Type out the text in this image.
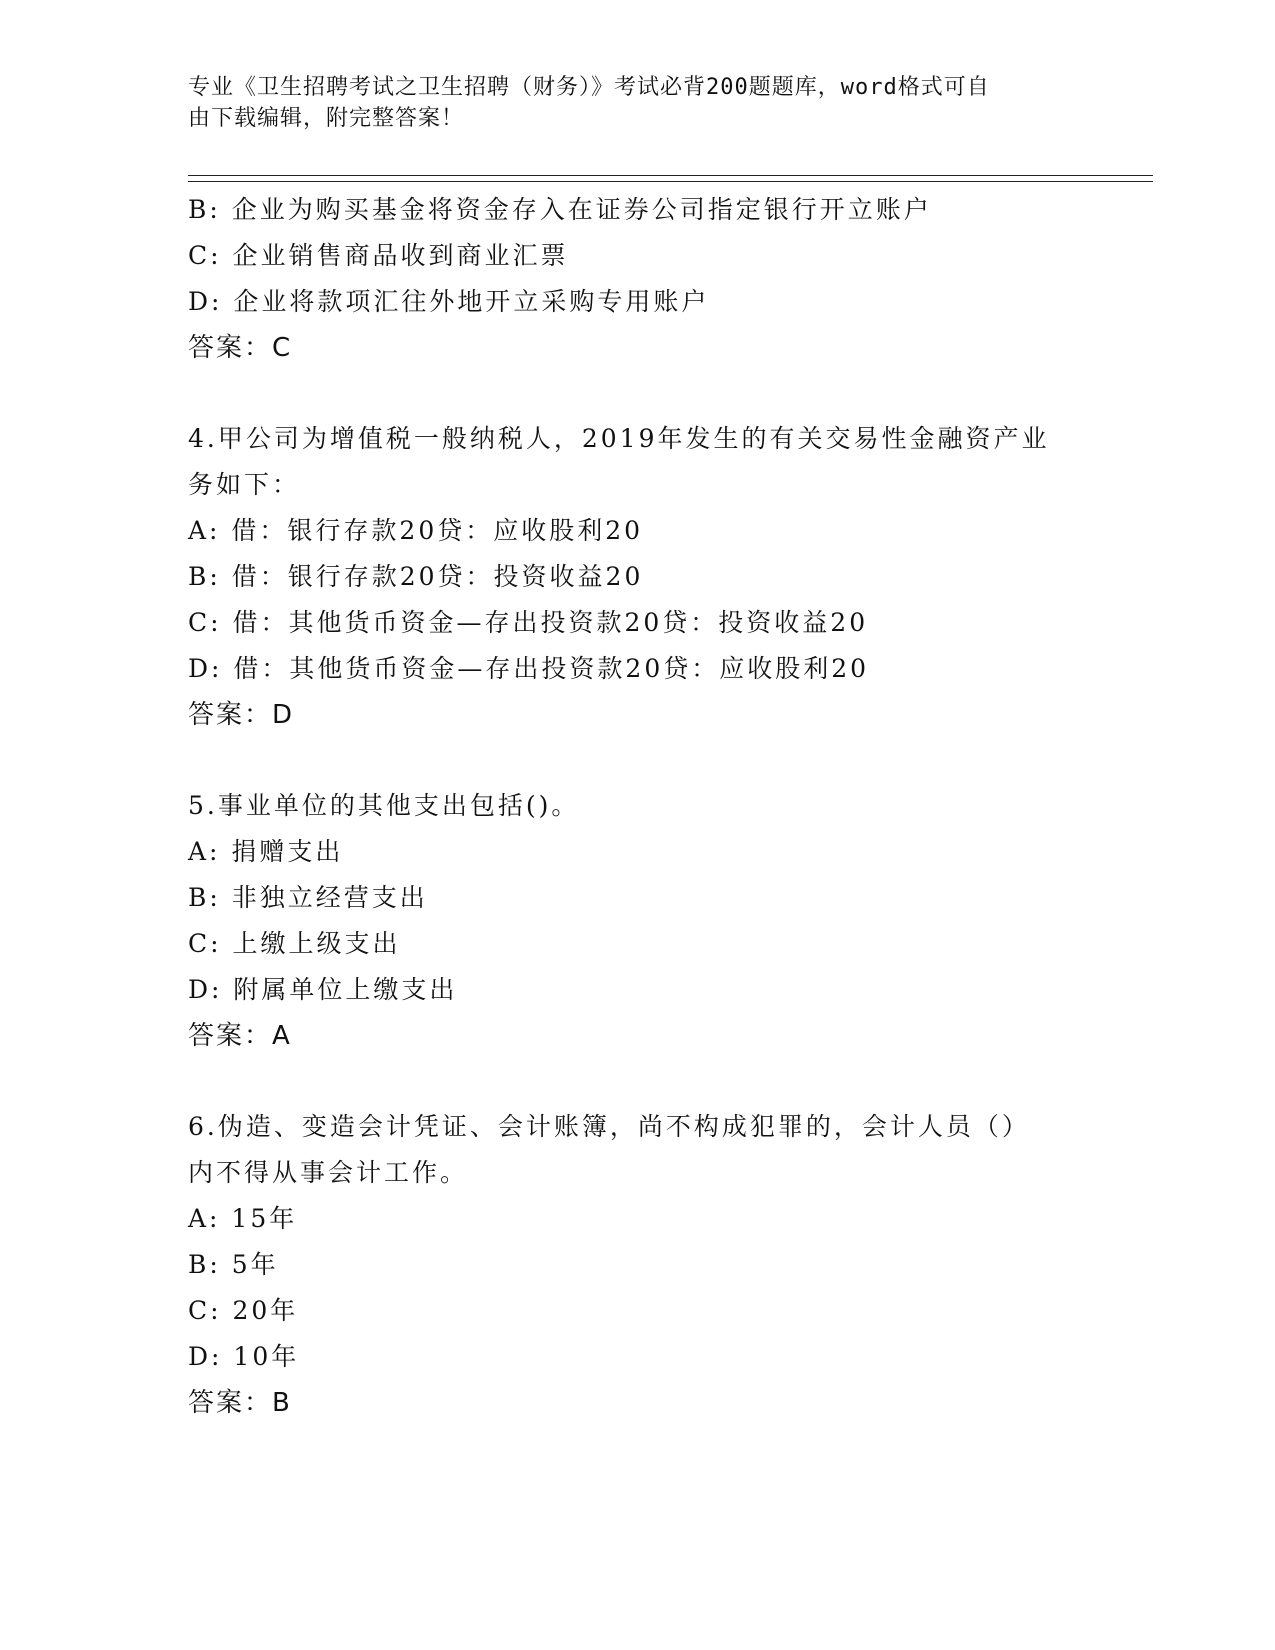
专业《卫生招聘考试之卫生招聘（财务）》考试必背200题题库，word格式可自
由下载编辑，附完整答案！
B: 企业为购买基金将资金存入在证券公司指定银行开立账户
C: 企业销售商品收到商业汇票
D: 企业将款项汇往外地开立采购专用账户
答案：C
4.甲公司为增值税一般纳税人，2019年发生的有关交易性金融资产业
务如下：
A: 借：银行存款20贷：应收股利20
B: 借：银行存款20贷：投资收益20
C: 借：其他货币资金—存出投资款20贷：投资收益20
D: 借：其他货币资金—存出投资款20贷：应收股利20
答案：D
5.事业单位的其他支出包括()。
A: 捐赠支出
B: 非独立经营支出
C: 上缴上级支出
D: 附属单位上缴支出
答案：A
6.伪造、变造会计凭证、会计账簿，尚不构成犯罪的，会计人员（）
内不得从事会计工作。
A: 15年
B: 5年
C: 20年
D: 10年
答案：B
